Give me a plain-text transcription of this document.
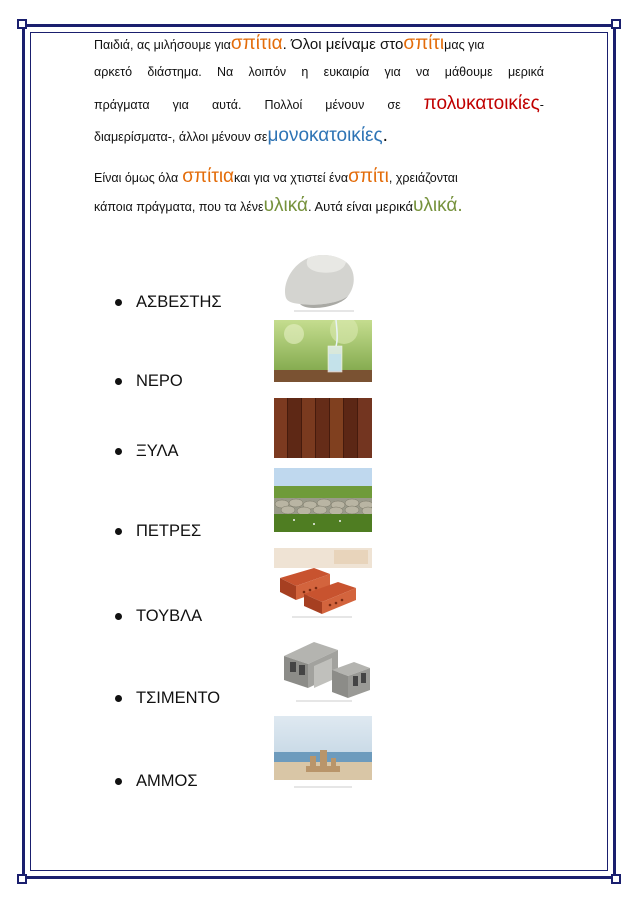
Παιδιά, ας μιλήσουμε για σπίτια . Όλοι μείναμε στο σπίτι μας για
αρκετό διάστημα. Να λοιπόν η ευκαιρία για να μάθουμε μερικά
πράγματα για αυτά. Πολλοί μένουν σε πολυκατοικίες-
διαμερίσματα-, άλλοι μένουν σε μονοκατοικίες .
Είναι όμως όλα σπίτια και για να χτιστεί ένα σπίτι , χρειάζονται
κάποια πράγματα, που τα λένε υλικά . Αυτά είναι μερικά υλικά .
ΑΣΒΕΣΤΗΣ
ΝΕΡΟ
ΞΥΛΑ
ΠΕΤΡΕΣ
ΤΟΥΒΛΑ
ΤΣΙΜΕΝΤΟ
ΑΜΜΟΣ
